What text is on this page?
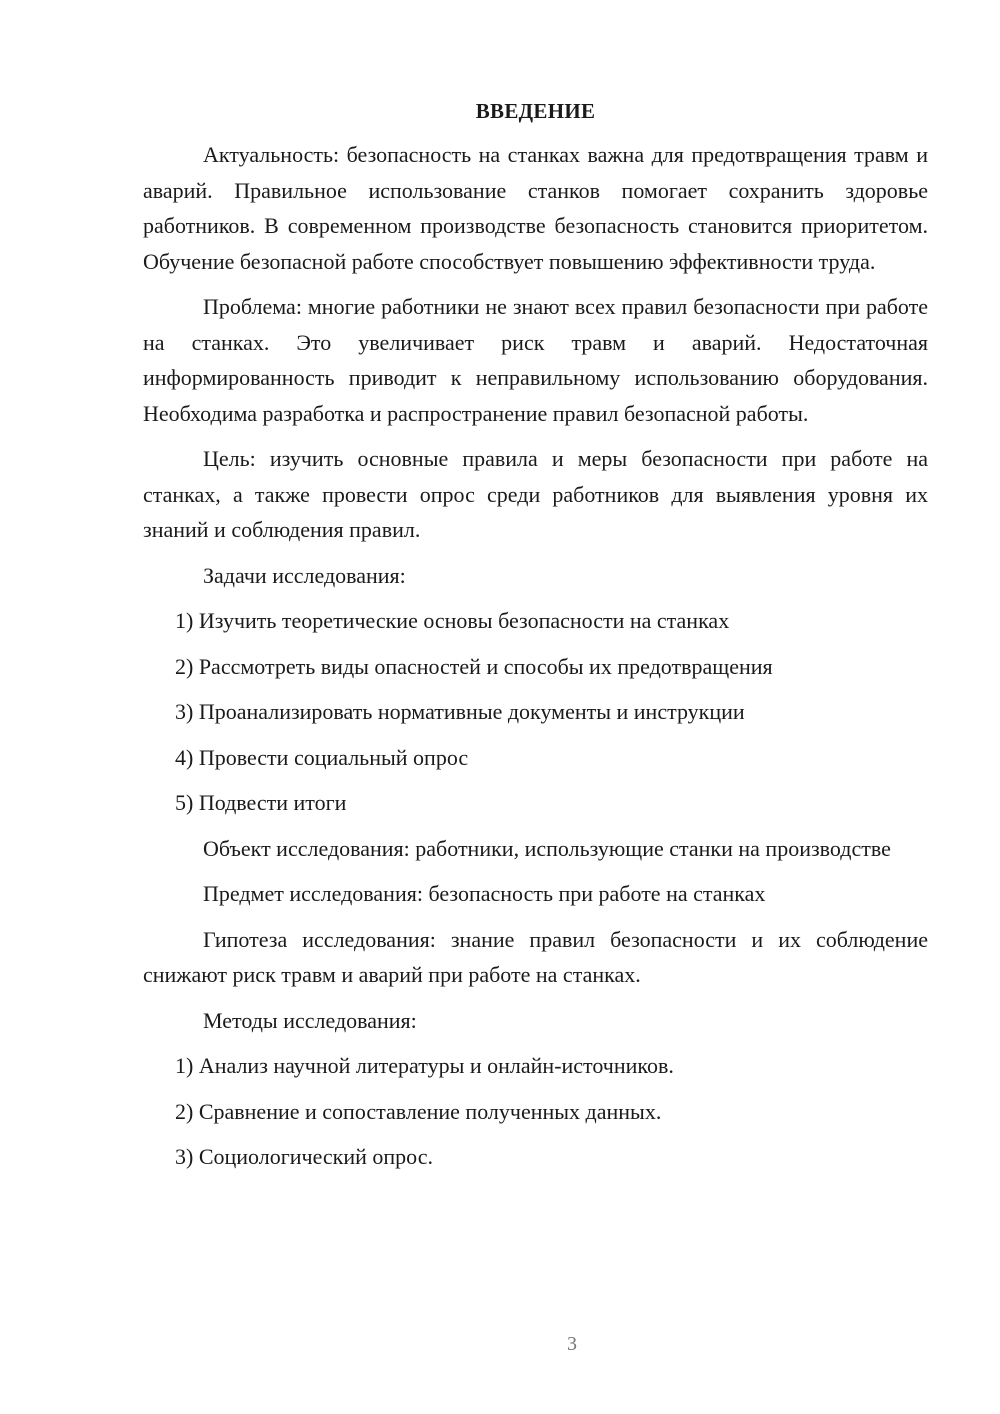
ВВЕДЕНИЕ

Актуальность: безопасность на станках важна для предотвращения травм и аварий. Правильное использование станков помогает сохранить здоровье работников. В современном производстве безопасность становится приоритетом. Обучение безопасной работе способствует повышению эффективности труда.

Проблема: многие работники не знают всех правил безопасности при работе на станках. Это увеличивает риск травм и аварий. Недостаточная информированность приводит к неправильному использованию оборудования. Необходима разработка и распространение правил безопасной работы.

Цель: изучить основные правила и меры безопасности при работе на станках, а также провести опрос среди работников для выявления уровня их знаний и соблюдения правил.

Задачи исследования:

1) Изучить теоретические основы безопасности на станках
2) Рассмотреть виды опасностей и способы их предотвращения
3) Проанализировать нормативные документы и инструкции
4) Провести социальный опрос
5) Подвести итоги

Объект исследования: работники, использующие станки на производстве

Предмет исследования: безопасность при работе на станках

Гипотеза исследования: знание правил безопасности и их соблюдение снижают риск травм и аварий при работе на станках.

Методы исследования:

1) Анализ научной литературы и онлайн-источников.
2) Сравнение и сопоставление полученных данных.
3) Социологический опрос.
3
